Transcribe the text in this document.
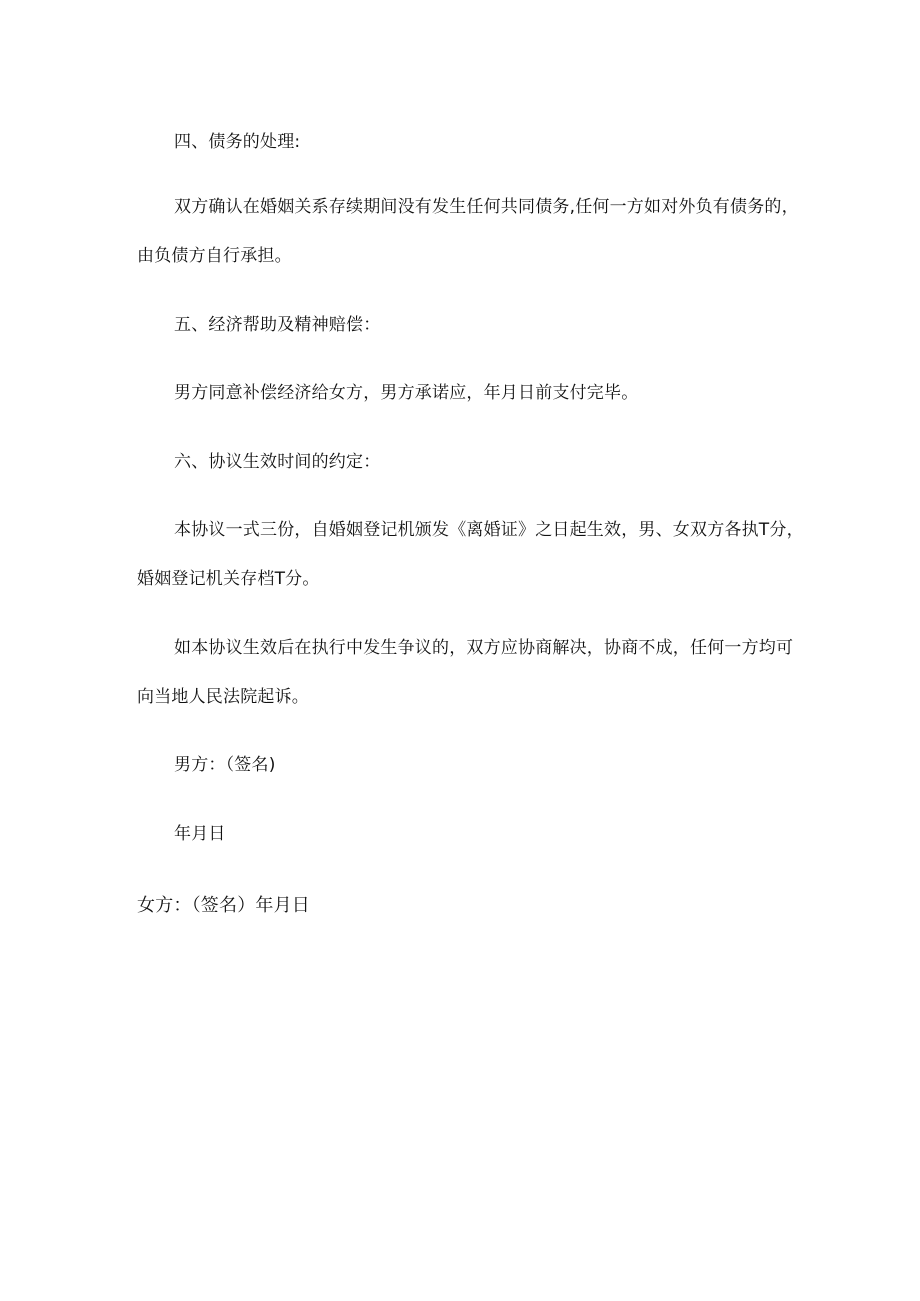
四、债务的处理:
双方确认在婚姻关系存续期间没有发生任何共同债务,任何一方如对外负有债务的，
由负债方自行承担。
五、经济帮助及精神赔偿：
男方同意补偿经济给女方，男方承诺应，年月日前支付完毕。
六、协议生效时间的约定：
本协议一式三份，自婚姻登记机颁发《离婚证》之日起生效，男、女双方各执T分，
婚姻登记机关存档T分。
如本协议生效后在执行中发生争议的，双方应协商解决，协商不成，任何一方均可
向当地人民法院起诉。
男方：（签名)
年月日
女方：（签名）年月日
